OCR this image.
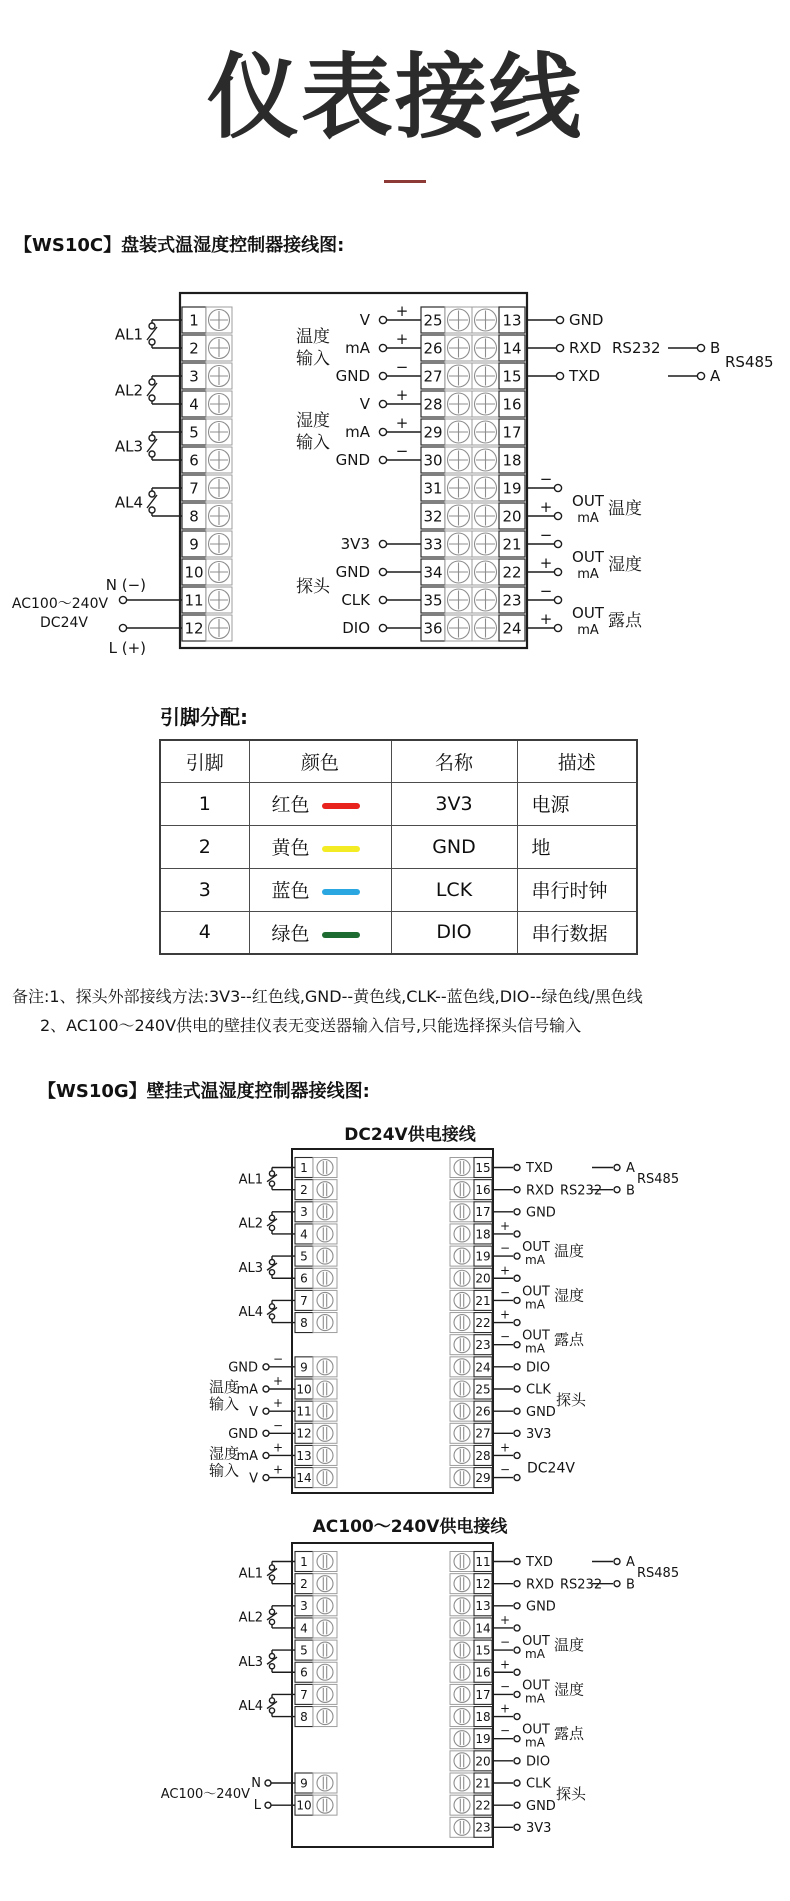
仪表接线
【WS10C】盘装式温湿度控制器接线图:
1
2
3
4
5
6
7
8
9
10
11
12
25	13
26	14
27	15
28	16
29	17
30	18
31	19
32	20
33	21
34	22
35	23
36	24
AL1
AL2
AL3
AL4
N (−)
L (+)
AC100～240V
DC24V
V
+
mA
+
GND
−
温度
输入
V
+
mA
+
GND
−
湿度
输入
3V3
GND
CLK
DIO
探头
GND
RXD
TXD
RS232	B
A
RS485
−
+ OUT
mA 温度
−
+ OUT
mA 湿度
−
+ OUT
mA 露点
引脚分配:
引脚	颜色	名称	描述
1	红色	3V3	电源
2	黄色	GND	地
3	蓝色	LCK	串行时钟
4	绿色	DIO	串行数据
备注:1、探头外部接线方法:3V3--红色线,GND--黄色线,CLK--蓝色线,DIO--绿色线/黑色线
2、AC100～240V供电的壁挂仪表无变送器输入信号,只能选择探头信号输入
【WS10G】壁挂式温湿度控制器接线图:
DC24V供电接线
1
2
3
4
5
6
7
8
9
10
11
12
13
14
15
16
17
18
19
20
21
22
23
24
25
26
27
28
29
AL1
AL2
AL3
AL4
GND
−
mA
+
V
+
GND
−
mA
+
V
+
温度
输入
湿度
输入
TXD
RXD
GND
DIO
CLK
GND
3V3
RS232
A
B
RS485
+
− OUT
mA 温度
+
− OUT
mA 湿度
+
− OUT
mA 露点
探头
+
− DC24V
AC100～240V供电接线
1
2
3
4
5
6
7
8
9
10
11
12
13
14
15
16
17
18
19
20
21
22
23
AL1
AL2
AL3
AL4
TXD
RXD
GND
DIO
CLK
GND
3V3
RS232
A
B
RS485
+
− OUT
mA 温度
+
− OUT
mA 湿度
+
− OUT
mA 露点
探头
N
L
AC100～240V
